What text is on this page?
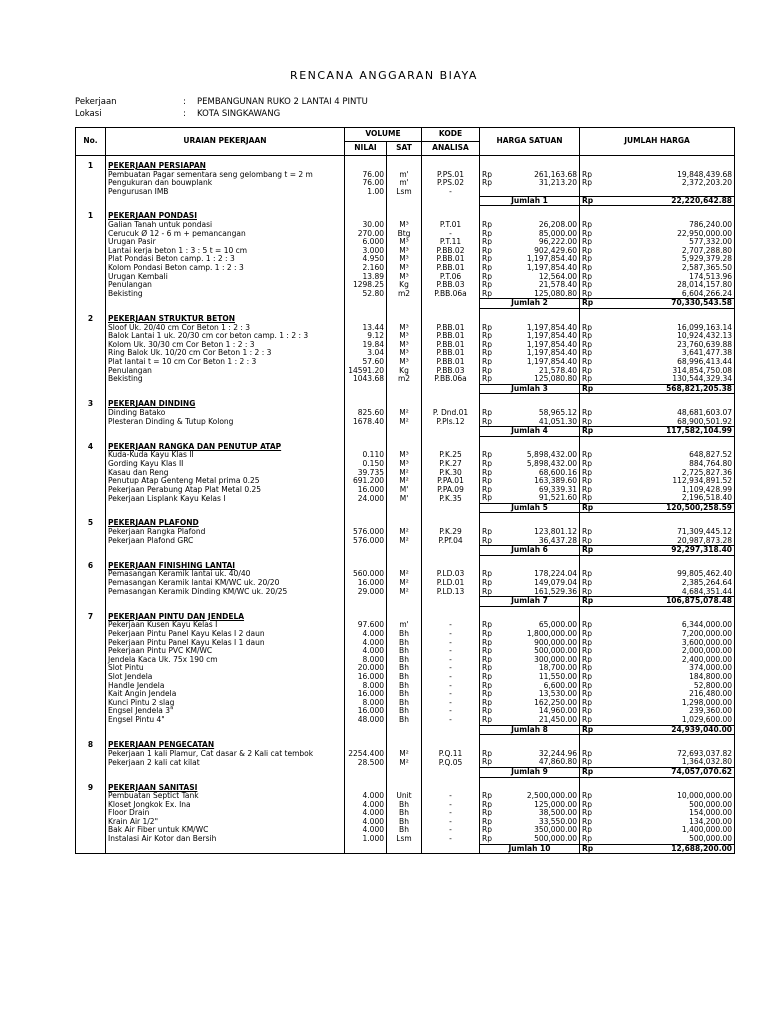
RENCANA ANGGARAN BIAYA
Pekerjaan	: PEMBANGUNAN RUKO 2 LANTAI 4 PINTU
Lokasi	: KOTA SINGKAWANG
No.	URAIAN PEKERJAAN	VOLUME		KODE	HARGA SATUAN		JUMLAH HARGA	
		NILAI	SAT	ANALISA				

1	PEKERJAAN PERSIAPAN							
	Pembuatan Pagar sementara seng gelombang t = 2 m	76.00	m'	P.PS.01	Rp	261,163.68	Rp	19,848,439.68
	Pengukuran dan bouwplank	76.00	m'	P.PS.02	Rp	31,213.20	Rp	2,372,203.20
	Pengurusan IMB	1.00	Lsm	-				
					Jumlah 1		Rp	22,220,642.88

1	PEKERJAAN PONDASI							
	Galian Tanah untuk pondasi	30.00	M³	P.T.01	Rp	26,208.00	Rp	786,240.00
	Cerucuk Ø 12 - 6 m + pemancangan	270.00	Btg	-	Rp	85,000.00	Rp	22,950,000.00
	Urugan Pasir	6.000	M³	P.T.11	Rp	96,222.00	Rp	577,332.00
	Lantai kerja beton 1 : 3 : 5 t = 10 cm	3.000	M³	P.BB.02	Rp	902,429.60	Rp	2,707,288.80
	Plat Pondasi Beton camp. 1 : 2 : 3	4.950	M³	P.BB.01	Rp	1,197,854.40	Rp	5,929,379.28
	Kolom Pondasi Beton camp. 1 : 2 : 3	2.160	M³	P.BB.01	Rp	1,197,854.40	Rp	2,587,365.50
	Urugan Kembali	13.89	M³	P.T.06	Rp	12,564.00	Rp	174,513.96
	Penulangan	1298.25	Kg	P.BB.03	Rp	21,578.40	Rp	28,014,157.80
	Bekisting	52.80	m2	P.BB.06a	Rp	125,080.80	Rp	6,604,266.24
					Jumlah 2		Rp	70,330,543.58

2	PEKERJAAN STRUKTUR BETON							
	Sloof Uk. 20/40 cm Cor Beton 1 : 2 : 3	13.44	M³	P.BB.01	Rp	1,197,854.40	Rp	16,099,163.14
	Balok Lantai 1 uk. 20/30 cm cor beton camp. 1 : 2 : 3	9.12	M³	P.BB.01	Rp	1,197,854.40	Rp	10,924,432.13
	Kolom Uk. 30/30 cm Cor Beton 1 : 2 : 3	19.84	M³	P.BB.01	Rp	1,197,854.40	Rp	23,760,639.88
	Ring Balok Uk. 10/20 cm Cor Beton 1 : 2 : 3	3.04	M³	P.BB.01	Rp	1,197,854.40	Rp	3,641,477.38
	Plat lantai t = 10 cm Cor Beton 1 : 2 : 3	57.60	M³	P.BB.01	Rp	1,197,854.40	Rp	68,996,413.44
	Penulangan	14591.20	Kg	P.BB.03	Rp	21,578.40	Rp	314,854,750.08
	Bekisting	1043.68	m2	P.BB.06a	Rp	125,080.80	Rp	130,544,329.34
					Jumlah 3		Rp	568,821,205.38

3	PEKERJAAN DINDING							
	Dinding Batako	825.60	M²	P. Dnd.01	Rp	58,965.12	Rp	48,681,603.07
	Plesteran Dinding & Tutup Kolong	1678.40	M²	P.Pls.12	Rp	41,051.30	Rp	68,900,501.92
					Jumlah 4		Rp	117,582,104.99

4	PEKERJAAN RANGKA DAN PENUTUP ATAP							
	Kuda-Kuda Kayu Klas II	0.110	M³	P.K.25	Rp	5,898,432.00	Rp	648,827.52
	Gording Kayu Klas II	0.150	M³	P.K.27	Rp	5,898,432.00	Rp	884,764.80
	Kasau dan Reng	39.735	M²	P.K.30	Rp	68,600.16	Rp	2,725,827.36
	Penutup Atap Genteng Metal prima 0.25	691.200	M²	P.PA.01	Rp	163,389.60	Rp	112,934,891.52
	Pekerjaan Perabung Atap Plat Metal 0.25	16.000	M'	P.PA.09	Rp	69,339.31	Rp	1,109,428.99
	Pekerjaan Lisplank Kayu Kelas I	24.000	M'	P.K.35	Rp	91,521.60	Rp	2,196,518.40
					Jumlah 5		Rp	120,500,258.59

5	PEKERJAAN PLAFOND							
	Pekerjaan Rangka Plafond	576.000	M²	P.K.29	Rp	123,801.12	Rp	71,309,445.12
	Pekerjaan Plafond GRC	576.000	M²	P.Pf.04	Rp	36,437.28	Rp	20,987,873.28
					Jumlah 6		Rp	92,297,318.40

6	PEKERJAAN FINISHING LANTAI							
	Pemasangan Keramik lantai uk. 40/40	560.000	M²	P.LD.03	Rp	178,224.04	Rp	99,805,462.40
	Pemasangan Keramik lantai KM/WC uk. 20/20	16.000	M²	P.LD.01	Rp	149,079.04	Rp	2,385,264.64
	Pemasangan Keramik Dinding KM/WC uk. 20/25	29.000	M²	P.LD.13	Rp	161,529.36	Rp	4,684,351.44
					Jumlah 7		Rp	106,875,078.48

7	PEKERJAAN PINTU DAN JENDELA							
	Pekerjaan Kusen Kayu Kelas I	97.600	m'	-	Rp	65,000.00	Rp	6,344,000.00
	Pekerjaan Pintu Panel Kayu Kelas I 2 daun	4.000	Bh	-	Rp	1,800,000.00	Rp	7,200,000.00
	Pekerjaan Pintu Panel Kayu Kelas I 1 daun	4.000	Bh	-	Rp	900,000.00	Rp	3,600,000.00
	Pekerjaan Pintu PVC KM/WC	4.000	Bh	-	Rp	500,000.00	Rp	2,000,000.00
	Jendela Kaca Uk. 75x 190 cm	8.000	Bh	-	Rp	300,000.00	Rp	2,400,000.00
	Slot Pintu	20.000	Bh	-	Rp	18,700.00	Rp	374,000.00
	Slot Jendela	16.000	Bh	-	Rp	11,550.00	Rp	184,800.00
	Handle Jendela	8.000	Bh	-	Rp	6,600.00	Rp	52,800.00
	Kait Angin Jendela	16.000	Bh	-	Rp	13,530.00	Rp	216,480.00
	Kunci Pintu 2 slag	8.000	Bh	-	Rp	162,250.00	Rp	1,298,000.00
	Engsel Jendela 3"	16.000	Bh	-	Rp	14,960.00	Rp	239,360.00
	Engsel Pintu 4"	48.000	Bh	-	Rp	21,450.00	Rp	1,029,600.00
					Jumlah 8		Rp	24,939,040.00

8	PEKERJAAN PENGECATAN							
	Pekerjaan 1 kali Plamur, Cat dasar & 2 Kali cat tembok	2254.400	M²	P.Q.11	Rp	32,244.96	Rp	72,693,037.82
	Pekerjaan 2 kali cat kilat	28.500	M²	P.Q.05	Rp	47,860.80	Rp	1,364,032.80
					Jumlah 9		Rp	74,057,070.62

9	PEKERJAAN SANITASI							
	Pembuatan Septict Tank	4.000	Unit	-	Rp	2,500,000.00	Rp	10,000,000.00
	Kloset Jongkok Ex. Ina	4.000	Bh	-	Rp	125,000.00	Rp	500,000.00
	Floor Drain	4.000	Bh	-	Rp	38,500.00	Rp	154,000.00
	Krain Air 1/2"	4.000	Bh	-	Rp	33,550.00	Rp	134,200.00
	Bak Air Fiber untuk KM/WC	4.000	Bh	-	Rp	350,000.00	Rp	1,400,000.00
	Instalasi Air Kotor dan Bersih	1.000	Lsm	-	Rp	500,000.00	Rp	500,000.00
					Jumlah 10		Rp	12,688,200.00
